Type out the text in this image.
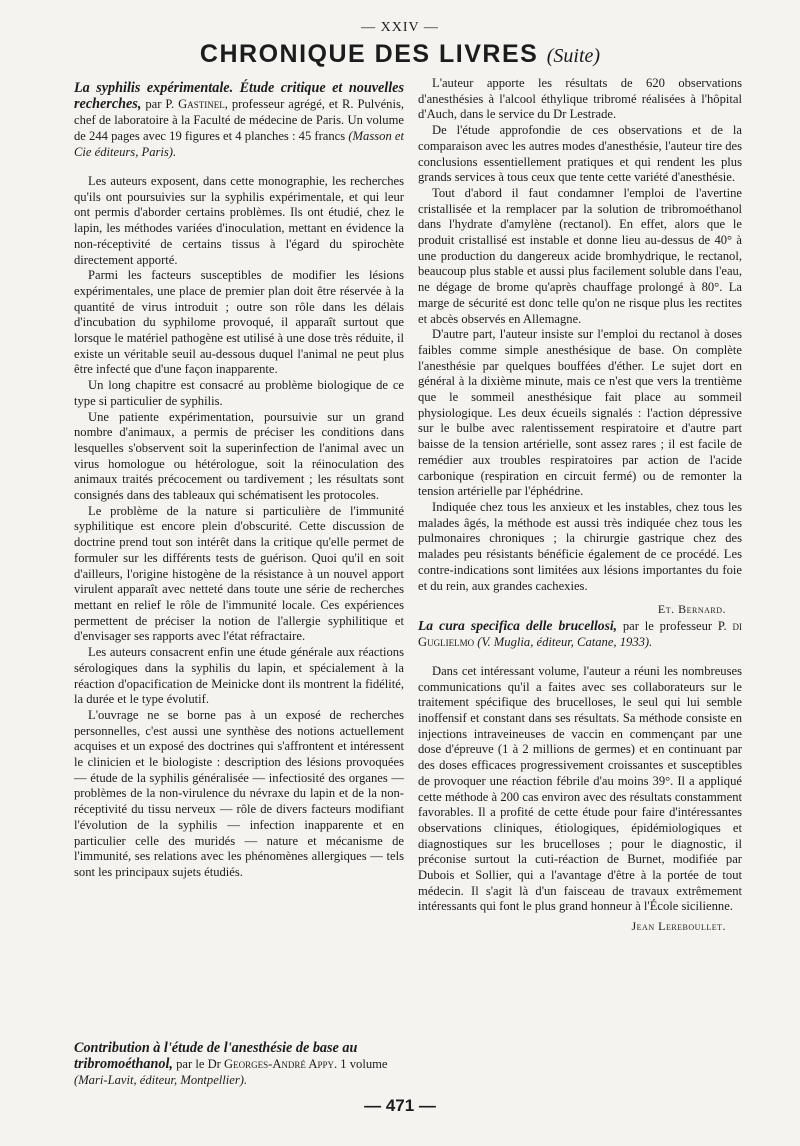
— XXIV —
CHRONIQUE DES LIVRES (Suite)

La syphilis expérimentale. Étude critique et nouvelles recherches, par P. Gastinel, professeur agrégé, et R. Pulvénis, chef de laboratoire à la Faculté de médecine de Paris. Un volume de 244 pages avec 19 figures et 4 planches : 45 francs (Masson et Cie éditeurs, Paris).

Les auteurs exposent, dans cette monographie, les recherches qu'ils ont poursuivies sur la syphilis expérimentale, et qui leur ont permis d'aborder certains problèmes. Ils ont étudié, chez le lapin, les méthodes variées d'inoculation, mettant en évidence la non-réceptivité de certains tissus à l'égard du spirochète directement apporté.

Parmi les facteurs susceptibles de modifier les lésions expérimentales, une place de premier plan doit être réservée à la quantité de virus introduit ; outre son rôle dans les délais d'incubation du syphilome provoqué, il apparaît surtout que lorsque le matériel pathogène est utilisé à une dose très réduite, il existe un véritable seuil au-dessous duquel l'animal ne peut plus être infecté que d'une façon inapparente.

Un long chapitre est consacré au problème biologique de ce type si particulier de syphilis.

Une patiente expérimentation, poursuivie sur un grand nombre d'animaux, a permis de préciser les conditions dans lesquelles s'observent soit la superinfection de l'animal avec un virus homologue ou hétérologue, soit la réinoculation des animaux traités précocement ou tardivement ; les résultats sont consignés dans des tableaux qui schématisent les protocoles.

Le problème de la nature si particulière de l'immunité syphilitique est encore plein d'obscurité. Cette discussion de doctrine prend tout son intérêt dans la critique qu'elle permet de formuler sur les différents tests de guérison. Quoi qu'il en soit d'ailleurs, l'origine histogène de la résistance à un nouvel apport virulent apparaît avec netteté dans toute une série de recherches mettant en relief le rôle de l'immunité locale. Ces expériences permettent de préciser la notion de l'allergie syphilitique et d'envisager ses rapports avec l'état réfractaire.

Les auteurs consacrent enfin une étude générale aux réactions sérologiques dans la syphilis du lapin, et spécialement à la réaction d'opacification de Meinicke dont ils montrent la fidélité, la durée et le type évolutif.

L'ouvrage ne se borne pas à un exposé de recherches personnelles, c'est aussi une synthèse des notions actuellement acquises et un exposé des doctrines qui s'affrontent et intéressent le clinicien et le biologiste : description des lésions provoquées — étude de la syphilis généralisée — infectiosité des organes — problèmes de la non-virulence du névraxe du lapin et de la non-réceptivité du tissu nerveux — rôle de divers facteurs modifiant l'évolution de la syphilis — infection inapparente et en particulier celle des muridés — nature et mécanisme de l'immunité, ses relations avec les phénomènes allergiques — tels sont les principaux sujets étudiés.

Contribution à l'étude de l'anesthésie de base au tribromoéthanol, par le Dr Georges-André Appy. 1 volume (Mari-Lavit, éditeur, Montpellier).

L'auteur apporte les résultats de 620 observations d'anesthésies à l'alcool éthylique tribromé réalisées à l'hôpital d'Auch, dans le service du Dr Lestrade.

De l'étude approfondie de ces observations et de la comparaison avec les autres modes d'anesthésie, l'auteur tire des conclusions essentiellement pratiques et qui rendent les plus grands services à tous ceux que tente cette variété d'anesthésie.

Tout d'abord il faut condamner l'emploi de l'avertine cristallisée et la remplacer par la solution de tribromoéthanol dans l'hydrate d'amylène (rectanol). En effet, alors que le produit cristallisé est instable et donne lieu au-dessus de 40° à une production du dangereux acide bromhydrique, le rectanol, beaucoup plus stable et aussi plus facilement soluble dans l'eau, ne dégage de brome qu'après chauffage prolongé à 80°. La marge de sécurité est donc telle qu'on ne risque plus les rectites et abcès observés en Allemagne.

D'autre part, l'auteur insiste sur l'emploi du rectanol à doses faibles comme simple anesthésique de base. On complète l'anesthésie par quelques bouffées d'éther. Le sujet dort en général à la dixième minute, mais ce n'est que vers la trentième que le sommeil anesthésique fait place au sommeil physiologique. Les deux écueils signalés : l'action dépressive sur le bulbe avec ralentissement respiratoire et d'autre part baisse de la tension artérielle, sont assez rares ; il est facile de remédier aux troubles respiratoires par action de l'acide carbonique (respiration en circuit fermé) ou de remonter la tension artérielle par l'éphédrine.

Indiquée chez tous les anxieux et les instables, chez tous les malades âgés, la méthode est aussi très indiquée chez tous les pulmonaires chroniques ; la chirurgie gastrique chez des malades peu résistants bénéficie également de ce procédé. Les contre-indications sont limitées aux lésions importantes du foie et du rein, aux grandes cachexies.

Et. Bernard.

La cura specifica delle brucellosi, par le professeur P. di Guglielmo (V. Muglia, éditeur, Catane, 1933).

Dans cet intéressant volume, l'auteur a réuni les nombreuses communications qu'il a faites avec ses collaborateurs sur le traitement spécifique des brucelloses, le seul qui lui semble inoffensif et constant dans ses résultats. Sa méthode consiste en injections intraveineuses de vaccin en commençant par une dose d'épreuve (1 à 2 millions de germes) et en continuant par des doses efficaces progressivement croissantes et susceptibles de provoquer une réaction fébrile d'au moins 39°. Il a appliqué cette méthode à 200 cas environ avec des résultats constamment favorables. Il a profité de cette étude pour faire d'intéressantes observations cliniques, étiologiques, épidémiologiques et diagnostiques sur les brucelloses ; pour le diagnostic, il préconise surtout la cuti-réaction de Burnet, modifiée par Dubois et Sollier, qui a l'avantage d'être à la portée de tout médecin. Il s'agit là d'un faisceau de travaux extrêmement intéressants qui font le plus grand honneur à l'École sicilienne.

Jean Lereboullet.
— 471 —
